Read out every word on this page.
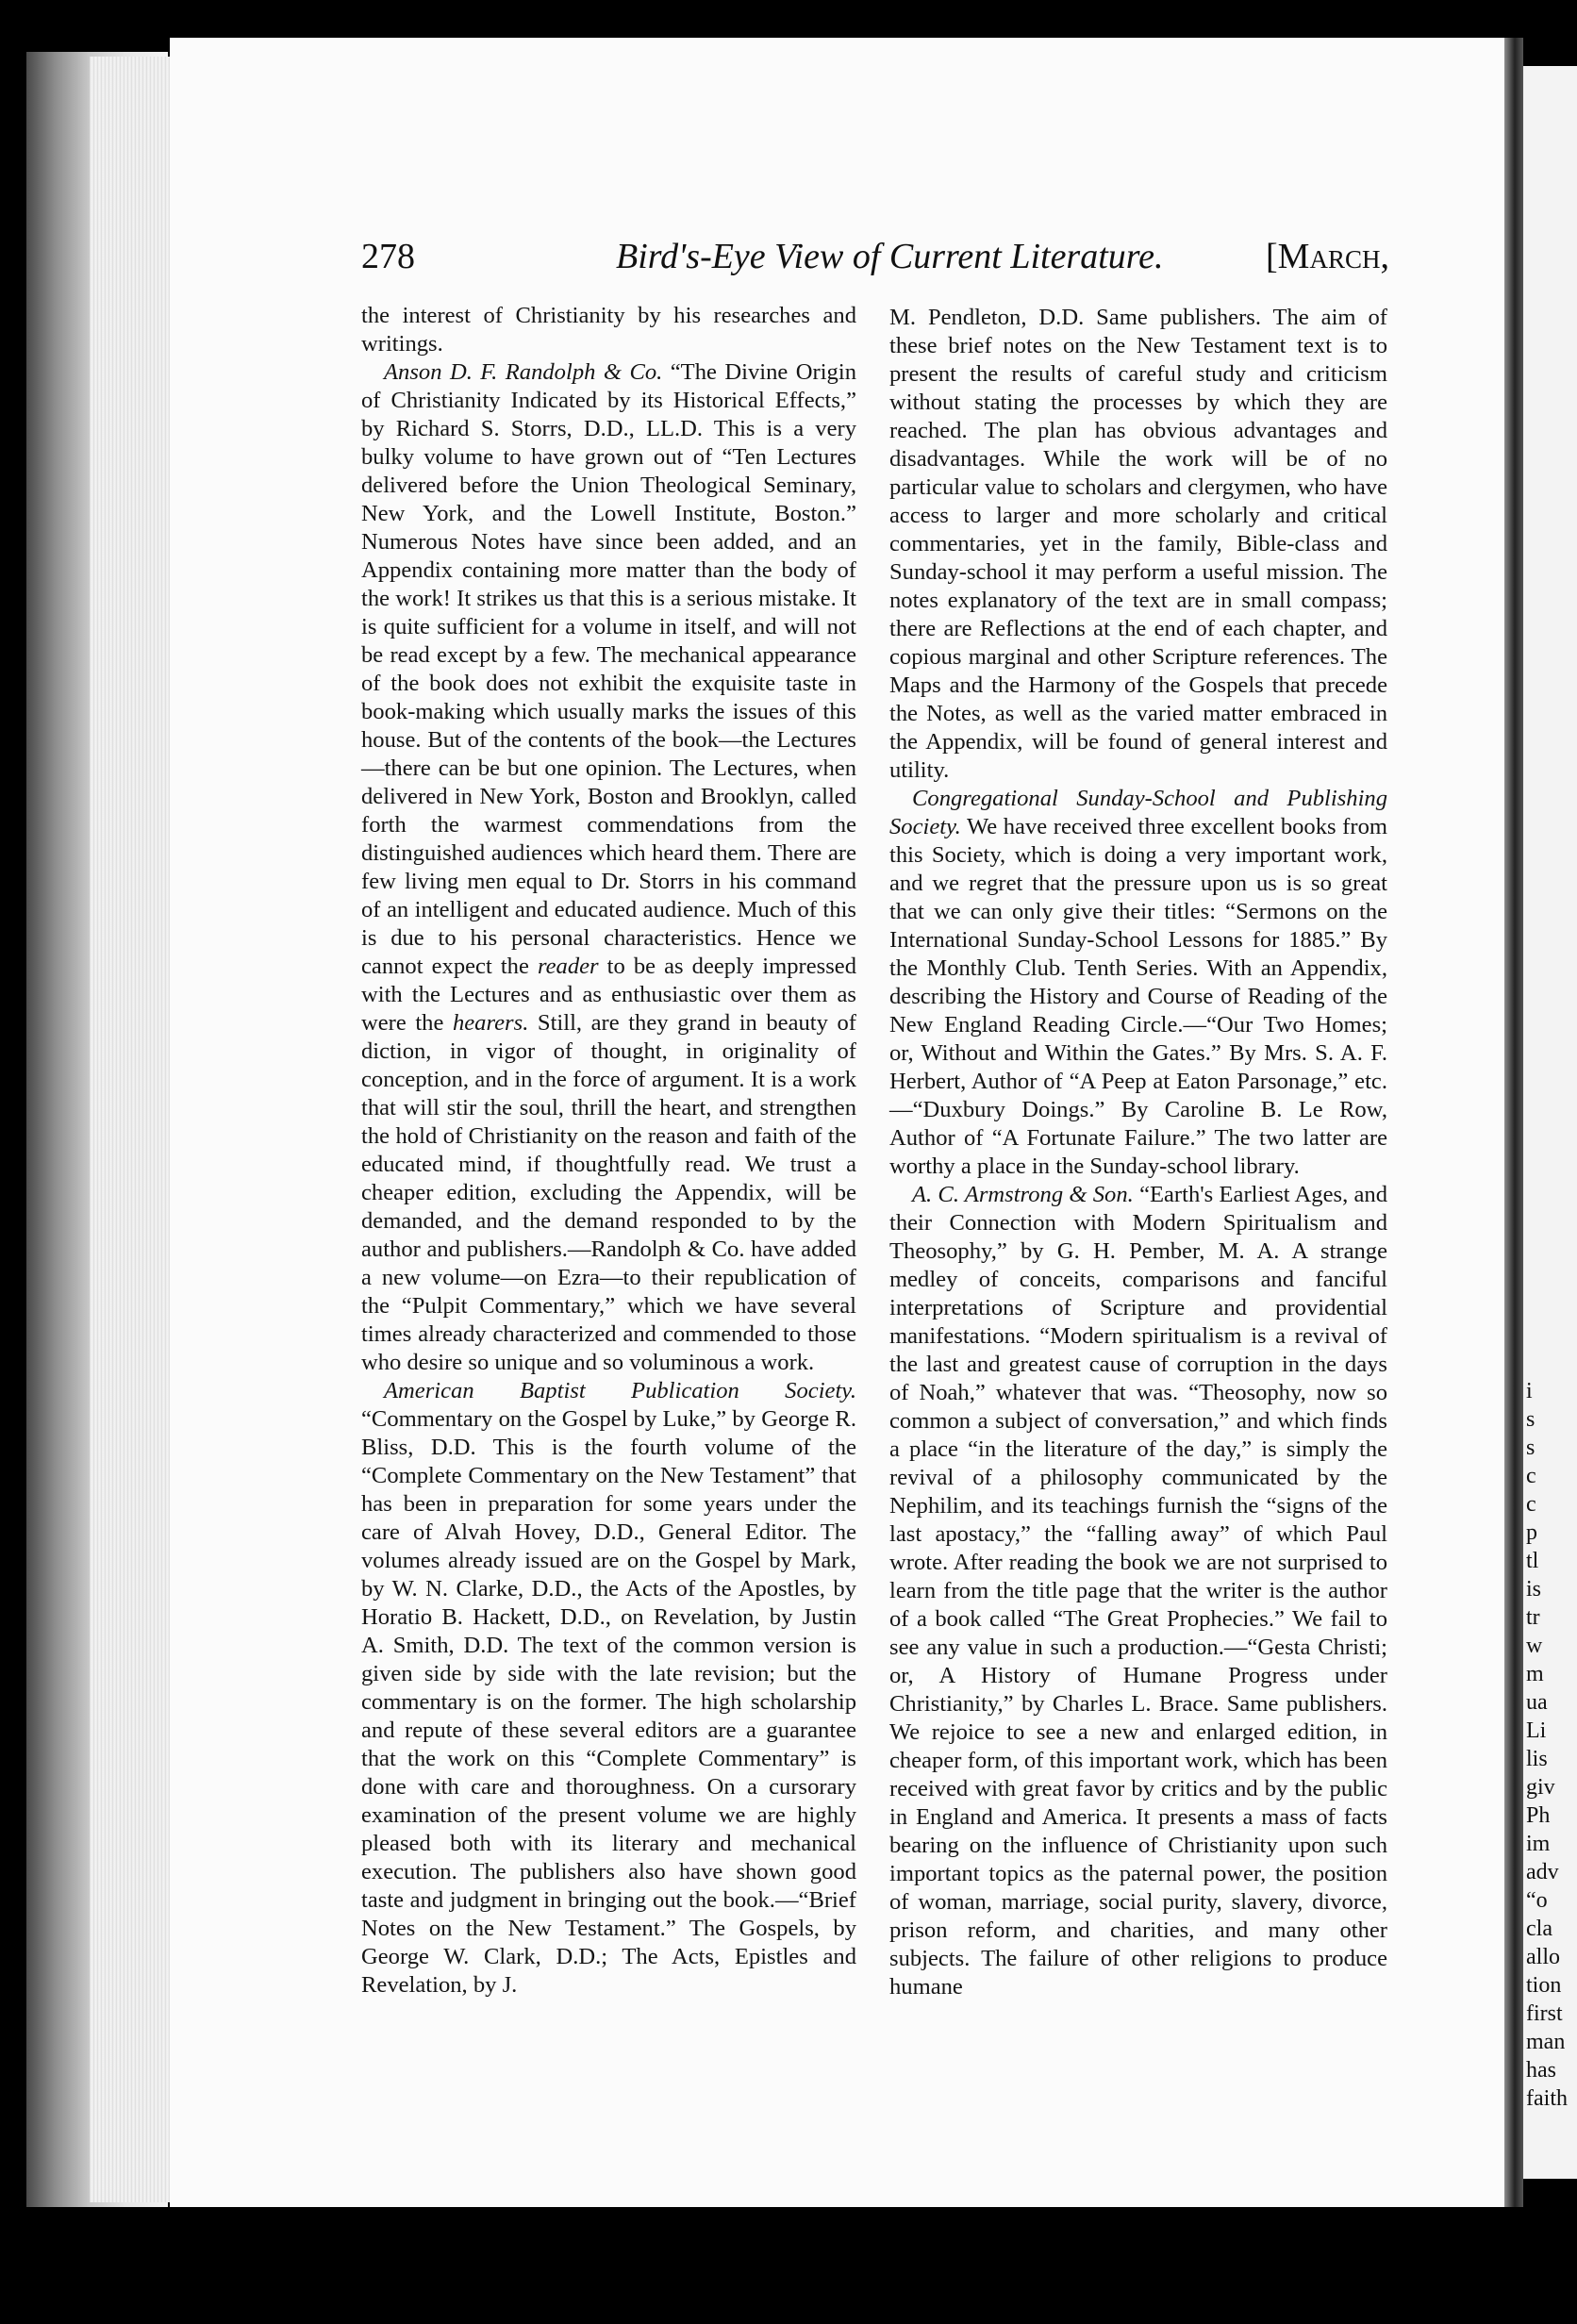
i
s
s
c
c
p
tl
is
tr
w
m
ua
Li
lis
giv
Ph
im
adv
“o
cla
allo
tion
first
man
has
faith
278	Bird's-Eye View of Current Literature.	[March,

the interest of Christianity by his researches and writings.

Anson D. F. Randolph & Co. “The Divine Origin of Christianity Indicated by its Historical Effects,” by Richard S. Storrs, D.D., LL.D. This is a very bulky volume to have grown out of “Ten Lectures delivered before the Union Theological Seminary, New York, and the Lowell Institute, Boston.” Numerous Notes have since been added, and an Appendix containing more matter than the body of the work! It strikes us that this is a serious mistake. It is quite sufficient for a volume in itself, and will not be read except by a few. The mechanical appearance of the book does not exhibit the exquisite taste in book-making which usually marks the issues of this house. But of the contents of the book—the Lectures—there can be but one opinion. The Lectures, when delivered in New York, Boston and Brooklyn, called forth the warmest commendations from the distinguished audiences which heard them. There are few living men equal to Dr. Storrs in his command of an intelligent and educated audience. Much of this is due to his personal characteristics. Hence we cannot expect the reader to be as deeply impressed with the Lectures and as enthusiastic over them as were the hearers. Still, are they grand in beauty of diction, in vigor of thought, in originality of conception, and in the force of argument. It is a work that will stir the soul, thrill the heart, and strengthen the hold of Christianity on the reason and faith of the educated mind, if thoughtfully read. We trust a cheaper edition, excluding the Appendix, will be demanded, and the demand responded to by the author and publishers.—Randolph & Co. have added a new volume—on Ezra—to their republication of the “Pulpit Commentary,” which we have several times already characterized and commended to those who desire so unique and so voluminous a work.

American Baptist Publication Society. “Commentary on the Gospel by Luke,” by George R. Bliss, D.D. This is the fourth volume of the “Complete Commentary on the New Testament” that has been in preparation for some years under the care of Alvah Hovey, D.D., General Editor. The volumes already issued are on the Gospel by Mark, by W. N. Clarke, D.D., the Acts of the Apostles, by Horatio B. Hackett, D.D., on Revelation, by Justin A. Smith, D.D. The text of the common version is given side by side with the late revision; but the commentary is on the former. The high scholarship and repute of these several editors are a guarantee that the work on this “Complete Commentary” is done with care and thoroughness. On a cursorary examination of the present volume we are highly pleased both with its literary and mechanical execution. The publishers also have shown good taste and judgment in bringing out the book.—“Brief Notes on the New Testament.” The Gospels, by George W. Clark, D.D.; The Acts, Epistles and Revelation, by J.

M. Pendleton, D.D. Same publishers. The aim of these brief notes on the New Testament text is to present the results of careful study and criticism without stating the processes by which they are reached. The plan has obvious advantages and disadvantages. While the work will be of no particular value to scholars and clergymen, who have access to larger and more scholarly and critical commentaries, yet in the family, Bible-class and Sunday-school it may perform a useful mission. The notes explanatory of the text are in small compass; there are Reflections at the end of each chapter, and copious marginal and other Scripture references. The Maps and the Harmony of the Gospels that precede the Notes, as well as the varied matter embraced in the Appendix, will be found of general interest and utility.

Congregational Sunday-School and Publishing Society. We have received three excellent books from this Society, which is doing a very important work, and we regret that the pressure upon us is so great that we can only give their titles: “Sermons on the International Sunday-School Lessons for 1885.” By the Monthly Club. Tenth Series. With an Appendix, describing the History and Course of Reading of the New England Reading Circle.—“Our Two Homes; or, Without and Within the Gates.” By Mrs. S. A. F. Herbert, Author of “A Peep at Eaton Parsonage,” etc.—“Duxbury Doings.” By Caroline B. Le Row, Author of “A Fortunate Failure.” The two latter are worthy a place in the Sunday-school library.

A. C. Armstrong & Son. “Earth's Earliest Ages, and their Connection with Modern Spiritualism and Theosophy,” by G. H. Pember, M. A. A strange medley of conceits, comparisons and fanciful interpretations of Scripture and providential manifestations. “Modern spiritualism is a revival of the last and greatest cause of corruption in the days of Noah,” whatever that was. “Theosophy, now so common a subject of conversation,” and which finds a place “in the literature of the day,” is simply the revival of a philosophy communicated by the Nephilim, and its teachings furnish the “signs of the last apostacy,” the “falling away” of which Paul wrote. After reading the book we are not surprised to learn from the title page that the writer is the author of a book called “The Great Prophecies.” We fail to see any value in such a production.—“Gesta Christi; or, A History of Humane Progress under Christianity,” by Charles L. Brace. Same publishers. We rejoice to see a new and enlarged edition, in cheaper form, of this important work, which has been received with great favor by critics and by the public in England and America. It presents a mass of facts bearing on the influence of Christianity upon such important topics as the paternal power, the position of woman, marriage, social purity, slavery, divorce, prison reform, and charities, and many other subjects. The failure of other religions to produce humane
